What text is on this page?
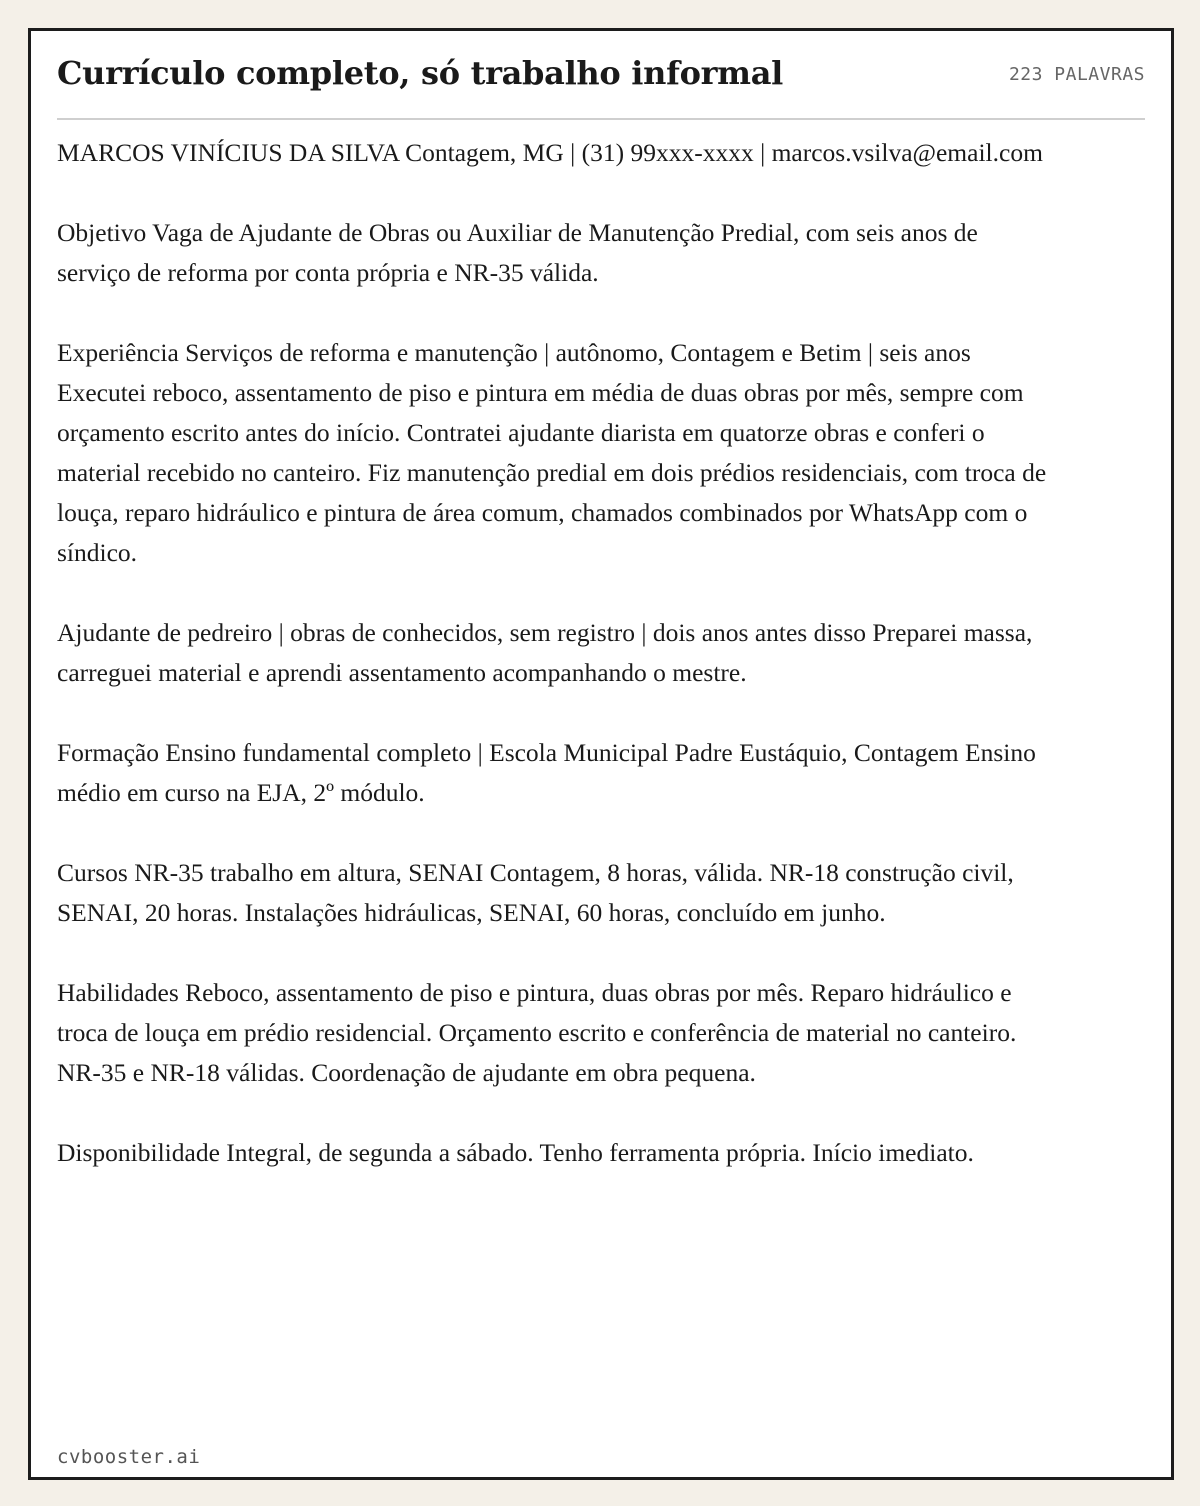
Currículo completo, só trabalho informal	223 PALAVRAS

MARCOS VINÍCIUS DA SILVA Contagem, MG | (31) 99xxx-xxxx | marcos.vsilva@email.com

Objetivo Vaga de Ajudante de Obras ou Auxiliar de Manutenção Predial, com seis anos de serviço de reforma por conta própria e NR-35 válida.

Experiência Serviços de reforma e manutenção | autônomo, Contagem e Betim | seis anos Executei reboco, assentamento de piso e pintura em média de duas obras por mês, sempre com orçamento escrito antes do início. Contratei ajudante diarista em quatorze obras e conferi o material recebido no canteiro. Fiz manutenção predial em dois prédios residenciais, com troca de louça, reparo hidráulico e pintura de área comum, chamados combinados por WhatsApp com o síndico.

Ajudante de pedreiro | obras de conhecidos, sem registro | dois anos antes disso Preparei massa, carreguei material e aprendi assentamento acompanhando o mestre.

Formação Ensino fundamental completo | Escola Municipal Padre Eustáquio, Contagem Ensino médio em curso na EJA, 2º módulo.

Cursos NR-35 trabalho em altura, SENAI Contagem, 8 horas, válida. NR-18 construção civil, SENAI, 20 horas. Instalações hidráulicas, SENAI, 60 horas, concluído em junho.

Habilidades Reboco, assentamento de piso e pintura, duas obras por mês. Reparo hidráulico e troca de louça em prédio residencial. Orçamento escrito e conferência de material no canteiro. NR-35 e NR-18 válidas. Coordenação de ajudante em obra pequena.

Disponibilidade Integral, de segunda a sábado. Tenho ferramenta própria. Início imediato.

cvbooster.ai
